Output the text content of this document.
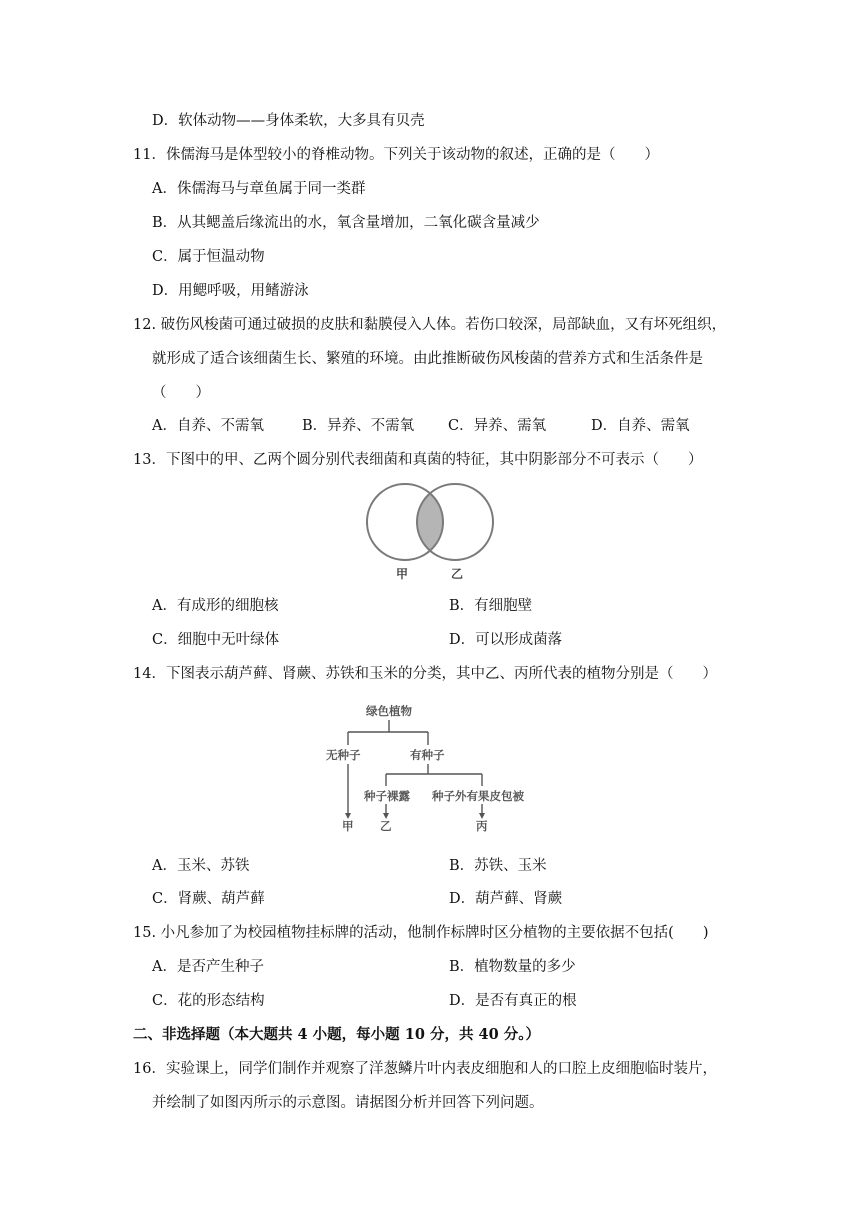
D．软体动物——身体柔软，大多具有贝壳
11．侏儒海马是体型较小的脊椎动物。下列关于该动物的叙述，正确的是（　　）
A．侏儒海马与章鱼属于同一类群
B．从其鳃盖后缘流出的水，氧含量增加，二氧化碳含量减少
C．属于恒温动物
D．用鳃呼吸，用鳍游泳
12. 破伤风梭菌可通过破损的皮肤和黏膜侵入人体。若伤口较深，局部缺血，又有坏死组织，
就形成了适合该细菌生长、繁殖的环境。由此推断破伤风梭菌的营养方式和生活条件是
（　　）
A．自养、不需氧	B．异养、不需氧 C．异养、需氧	D．自养、需氧
13．下图中的甲、乙两个圆分别代表细菌和真菌的特征，其中阴影部分不可表示（　　）
甲	乙
A．有成形的细胞核	B．有细胞壁
C．细胞中无叶绿体	D．可以形成菌落
14．下图表示葫芦藓、肾蕨、苏铁和玉米的分类，其中乙、丙所代表的植物分别是（　　）
绿色植物
无种子	有种子
种子裸露 种子外有果皮包被
甲 乙	丙
A．玉米、苏铁	B．苏铁、玉米
C．肾蕨、葫芦藓	D．葫芦藓、肾蕨
15. 小凡参加了为校园植物挂标牌的活动，他制作标牌时区分植物的主要依据不包括(　　)
A．是否产生种子	B．植物数量的多少
C．花的形态结构	D．是否有真正的根
二、非选择题（本大题共 4 小题，每小题 10 分，共 40 分。）
16．实验课上，同学们制作并观察了洋葱鳞片叶内表皮细胞和人的口腔上皮细胞临时装片，
并绘制了如图丙所示的示意图。请据图分析并回答下列问题。
